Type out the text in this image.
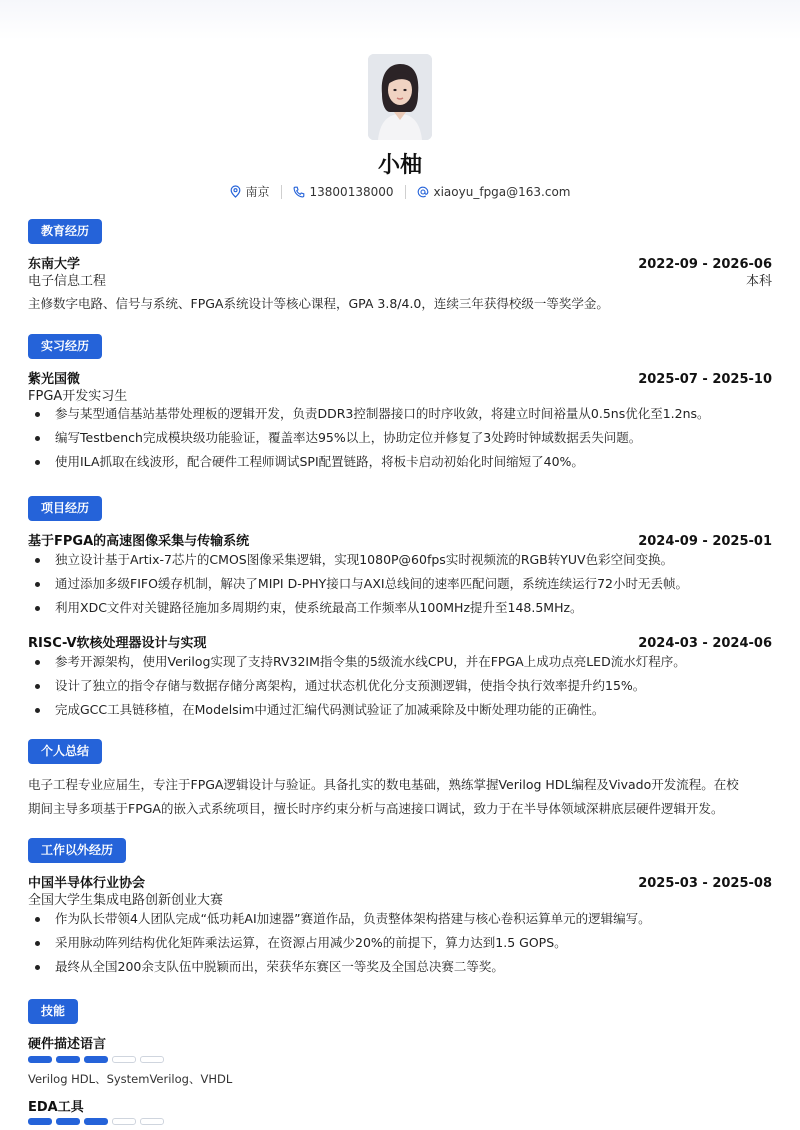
小柚
南京	13800138000	xiaoyu_fpga@163.com
教育经历
东南大学	2022-09 - 2026-06
电子信息工程	本科
主修数字电路、信号与系统、FPGA系统设计等核心课程，GPA 3.8/4.0，连续三年获得校级一等奖学金。
实习经历
紫光国微	2025-07 - 2025-10
FPGA开发实习生
参与某型通信基站基带处理板的逻辑开发，负责DDR3控制器接口的时序收敛，将建立时间裕量从0.5ns优化至1.2ns。
编写Testbench完成模块级功能验证，覆盖率达95%以上，协助定位并修复了3处跨时钟域数据丢失问题。
使用ILA抓取在线波形，配合硬件工程师调试SPI配置链路，将板卡启动初始化时间缩短了40%。
项目经历
基于FPGA的高速图像采集与传输系统	2024-09 - 2025-01
独立设计基于Artix-7芯片的CMOS图像采集逻辑，实现1080P@60fps实时视频流的RGB转YUV色彩空间变换。
通过添加多级FIFO缓存机制，解决了MIPI D-PHY接口与AXI总线间的速率匹配问题，系统连续运行72小时无丢帧。
利用XDC文件对关键路径施加多周期约束，使系统最高工作频率从100MHz提升至148.5MHz。
RISC-V软核处理器设计与实现	2024-03 - 2024-06
参考开源架构，使用Verilog实现了支持RV32IM指令集的5级流水线CPU，并在FPGA上成功点亮LED流水灯程序。
设计了独立的指令存储与数据存储分离架构，通过状态机优化分支预测逻辑，使指令执行效率提升约15%。
完成GCC工具链移植，在Modelsim中通过汇编代码测试验证了加减乘除及中断处理功能的正确性。
个人总结
电子工程专业应届生，专注于FPGA逻辑设计与验证。具备扎实的数电基础，熟练掌握Verilog HDL编程及Vivado开发流程。在校
期间主导多项基于FPGA的嵌入式系统项目，擅长时序约束分析与高速接口调试，致力于在半导体领域深耕底层硬件逻辑开发。
工作以外经历
中国半导体行业协会	2025-03 - 2025-08
全国大学生集成电路创新创业大赛
作为队长带领4人团队完成“低功耗AI加速器”赛道作品，负责整体架构搭建与核心卷积运算单元的逻辑编写。
采用脉动阵列结构优化矩阵乘法运算，在资源占用减少20%的前提下，算力达到1.5 GOPS。
最终从全国200余支队伍中脱颖而出，荣获华东赛区一等奖及全国总决赛二等奖。
技能
硬件描述语言
Verilog HDL、SystemVerilog、VHDL
EDA工具
